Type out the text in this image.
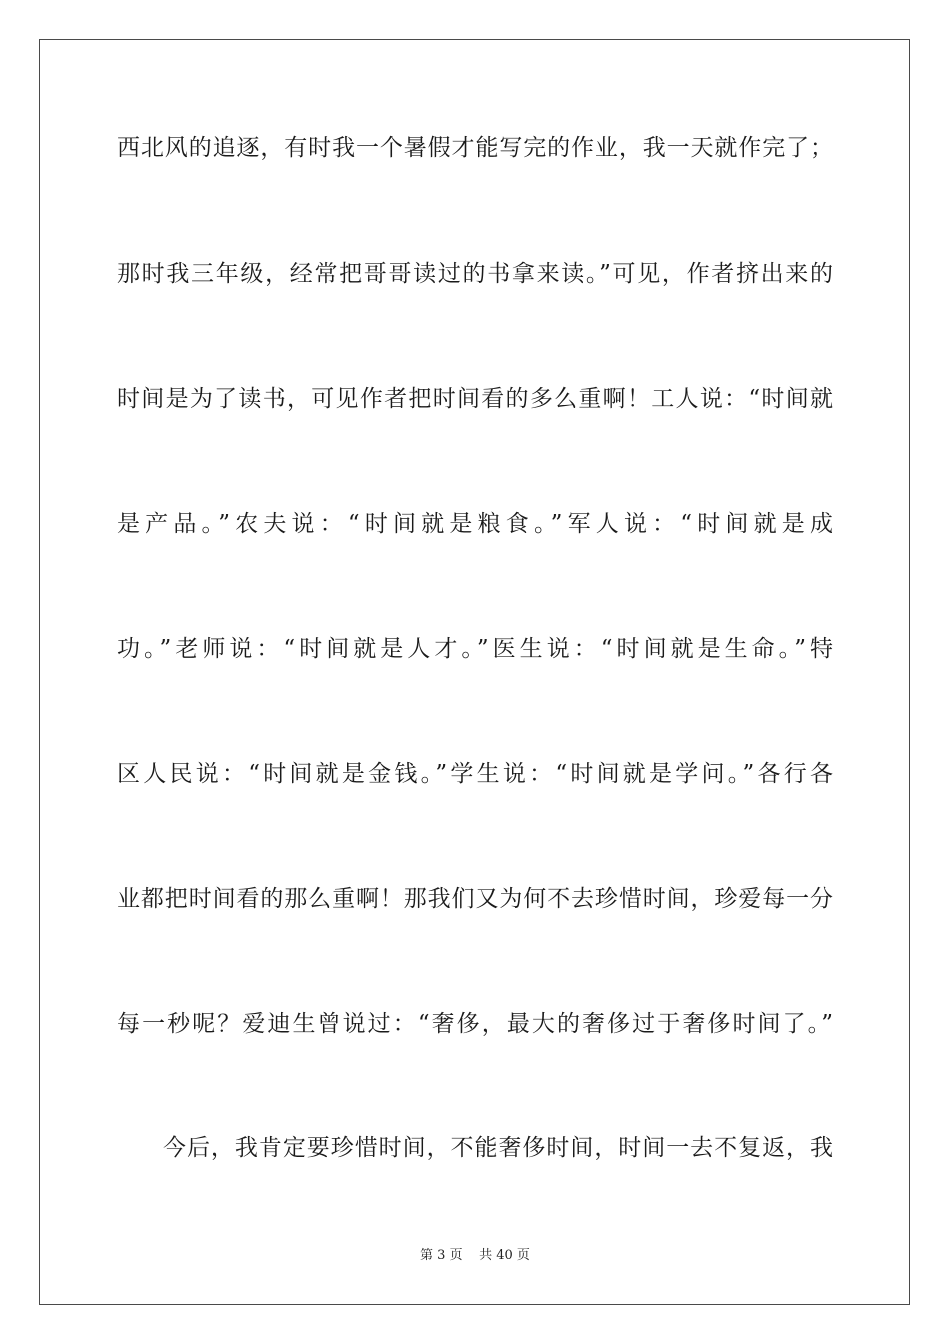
西北风的追逐，有时我一个暑假才能写完的作业，我一天就作完了；
那时我三年级，经常把哥哥读过的书拿来读。”可见，作者挤出来的
时间是为了读书，可见作者把时间看的多么重啊！工人说：“时间就
是产品。”农夫说：“时间就是粮食。”军人说：“时间就是成
功。”老师说：“时间就是人才。”医生说：“时间就是生命。”特
区人民说：“时间就是金钱。”学生说：“时间就是学问。”各行各
业都把时间看的那么重啊！那我们又为何不去珍惜时间，珍爱每一分
每一秒呢？爱迪生曾说过：“奢侈，最大的奢侈过于奢侈时间了。”
今后，我肯定要珍惜时间，不能奢侈时间，时间一去不复返，我
第 3 页 共 40 页
